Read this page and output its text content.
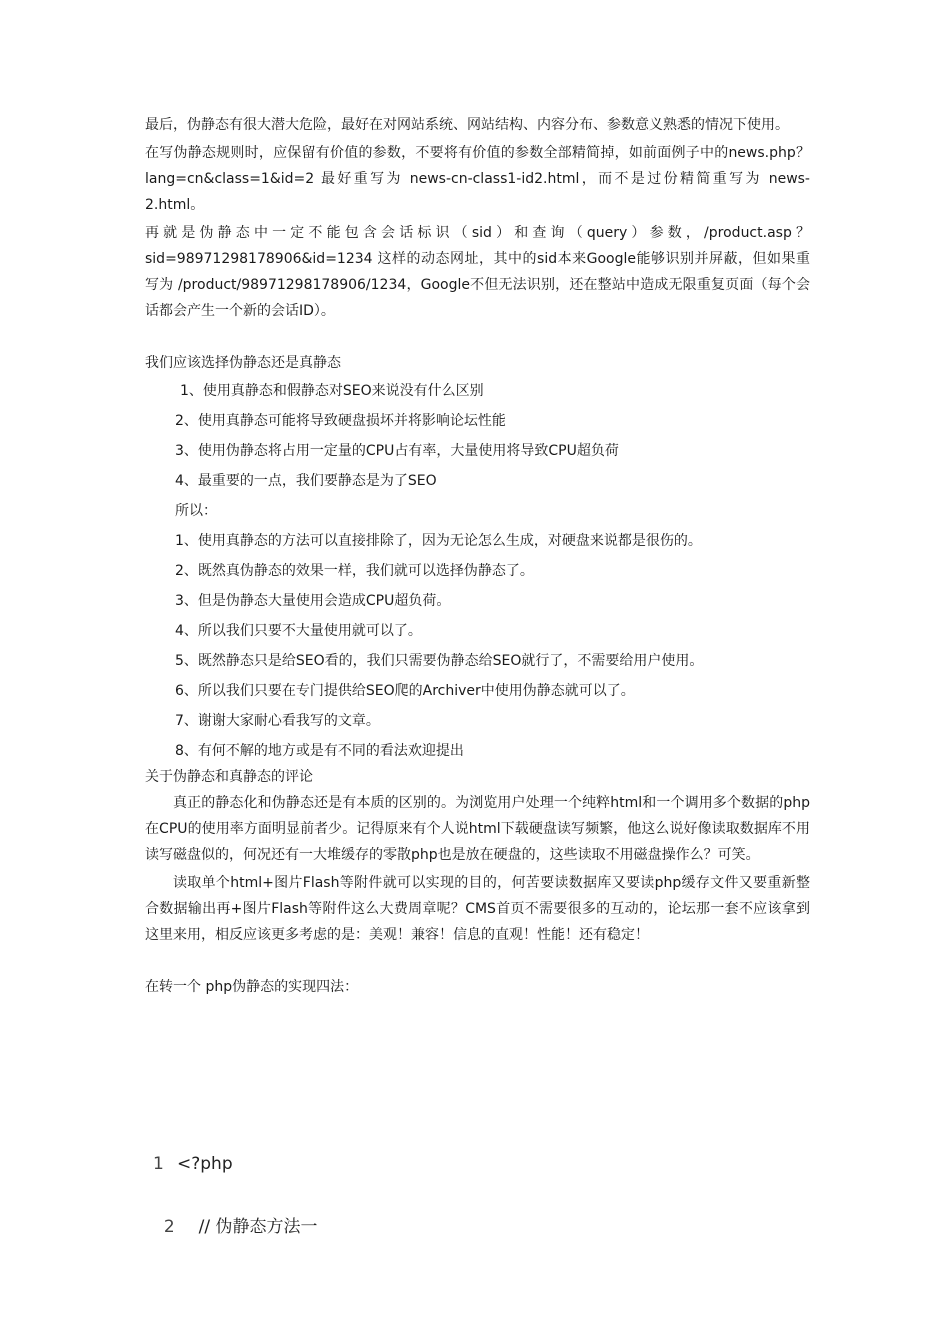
最后，伪静态有很大潜大危险，最好在对网站系统、网站结构、内容分布、参数意义熟悉的情况下使用。

在写伪静态规则时，应保留有价值的参数，不要将有价值的参数全部精简掉，如前面例子中的news.php？lang=cn&class=1&id=2 最好重写为 news-cn-class1-id2.html，而不是过份精简重写为 news-2.html。

再就是伪静态中一定不能包含会话标识（sid）和查询（query）参数，/product.asp？sid=98971298178906&id=1234 这样的动态网址，其中的sid本来Google能够识别并屏蔽，但如果重写为 /product/98971298178906/1234，Google不但无法识别，还在整站中造成无限重复页面（每个会话都会产生一个新的会话ID）。

我们应该选择伪静态还是真静态

1、使用真静态和假静态对SEO来说没有什么区别

2、使用真静态可能将导致硬盘损坏并将影响论坛性能

3、使用伪静态将占用一定量的CPU占有率，大量使用将导致CPU超负荷

4、最重要的一点，我们要静态是为了SEO

所以：

1、使用真静态的方法可以直接排除了，因为无论怎么生成，对硬盘来说都是很伤的。

2、既然真伪静态的效果一样，我们就可以选择伪静态了。

3、但是伪静态大量使用会造成CPU超负荷。

4、所以我们只要不大量使用就可以了。

5、既然静态只是给SEO看的，我们只需要伪静态给SEO就行了，不需要给用户使用。

6、所以我们只要在专门提供给SEO爬的Archiver中使用伪静态就可以了。

7、谢谢大家耐心看我写的文章。

8、有何不解的地方或是有不同的看法欢迎提出

关于伪静态和真静态的评论

真正的静态化和伪静态还是有本质的区别的。为浏览用户处理一个纯粹html和一个调用多个数据的php在CPU的使用率方面明显前者少。记得原来有个人说html下载硬盘读写频繁，他这么说好像读取数据库不用读写磁盘似的，何况还有一大堆缓存的零散php也是放在硬盘的，这些读取不用磁盘操作么？可笑。

读取单个html+图片Flash等附件就可以实现的目的，何苦要读数据库又要读php缓存文件又要重新整合数据输出再+图片Flash等附件这么大费周章呢？CMS首页不需要很多的互动的，论坛那一套不应该拿到这里来用，相反应该更多考虑的是：美观！兼容！信息的直观！性能！还有稳定！

在转一个 php伪静态的实现四法：

1 <?php

2  // 伪静态方法一
